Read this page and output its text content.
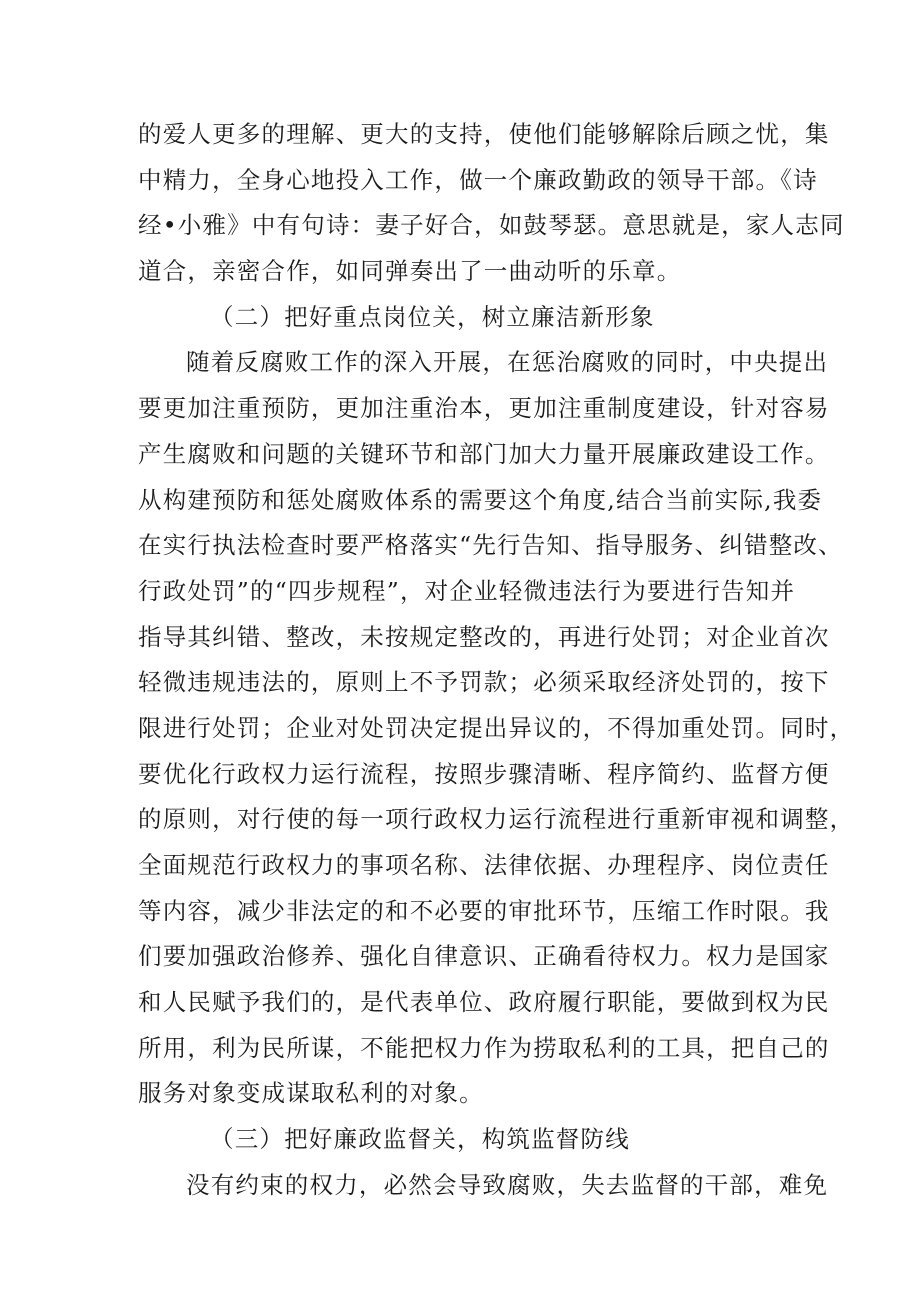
的爱人更多的理解、更大的支持，使他们能够解除后顾之忧，集
中精力，全身心地投入工作，做一个廉政勤政的领导干部。《诗
经•小雅》中有句诗：妻子好合，如鼓琴瑟。意思就是，家人志同
道合，亲密合作，如同弹奏出了一曲动听的乐章。
（二）把好重点岗位关，树立廉洁新形象
随着反腐败工作的深入开展，在惩治腐败的同时，中央提出
要更加注重预防，更加注重治本，更加注重制度建设，针对容易
产生腐败和问题的关键环节和部门加大力量开展廉政建设工作。
从构建预防和惩处腐败体系的需要这个角度,结合当前实际,我委
在实行执法检查时要严格落实“先行告知、指导服务、纠错整改、
行政处罚”的“四步规程”，对企业轻微违法行为要进行告知并
指导其纠错、整改，未按规定整改的，再进行处罚；对企业首次
轻微违规违法的，原则上不予罚款；必须采取经济处罚的，按下
限进行处罚；企业对处罚决定提出异议的，不得加重处罚。同时，
要优化行政权力运行流程，按照步骤清晰、程序简约、监督方便
的原则，对行使的每一项行政权力运行流程进行重新审视和调整，
全面规范行政权力的事项名称、法律依据、办理程序、岗位责任
等内容，减少非法定的和不必要的审批环节，压缩工作时限。我
们要加强政治修养、强化自律意识、正确看待权力。权力是国家
和人民赋予我们的，是代表单位、政府履行职能，要做到权为民
所用，利为民所谋，不能把权力作为捞取私利的工具，把自己的
服务对象变成谋取私利的对象。
（三）把好廉政监督关，构筑监督防线
没有约束的权力，必然会导致腐败，失去监督的干部，难免
